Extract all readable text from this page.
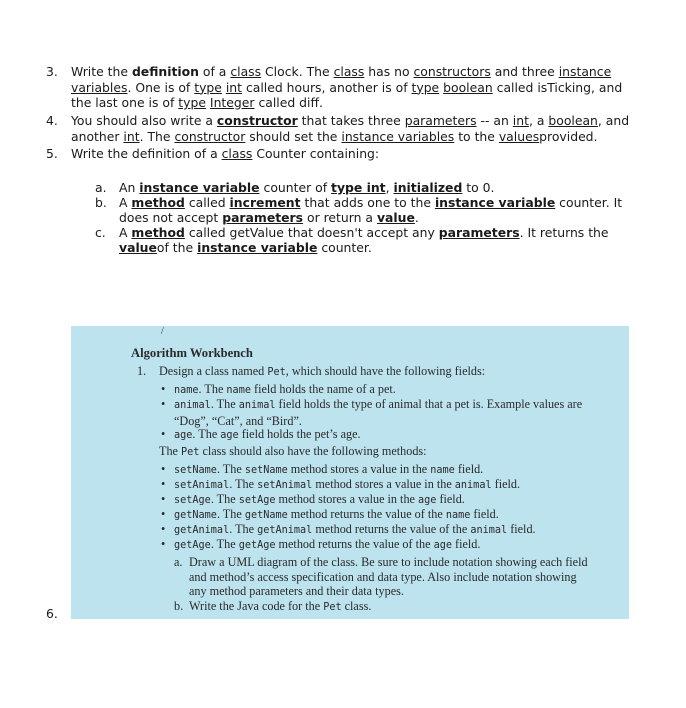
3.	Write the definition of a class Clock. The class has no constructors and three instance variables. One is of type int called hours, another is of type boolean called isTicking, and the last one is of type Integer called diff.
4.	You should also write a constructor that takes three parameters -- an int, a boolean, and another int. The constructor should set the instance variables to the valuesprovided.
5.	Write the definition of a class Counter containing:
a.	An instance variable counter of type int, initialized to 0.
b. A method called increment that adds one to the instance variable counter. It does not accept parameters or return a value.
c.	A method called getValue that doesn't accept any parameters. It returns the valueof the instance variable counter.
/
Algorithm Workbench
1. Design a class named Pet, which should have the following fields:
• name. The name field holds the name of a pet.
• animal. The animal field holds the type of animal that a pet is. Example values are “Dog”, “Cat”, and “Bird”.
• age. The age field holds the pet’s age.
The Pet class should also have the following methods:
• setName. The setName method stores a value in the name field.
• setAnimal. The setAnimal method stores a value in the animal field.
• setAge. The setAge method stores a value in the age field.
• getName. The getName method returns the value of the name field.
• getAnimal. The getAnimal method returns the value of the animal field.
• getAge. The getAge method returns the value of the age field.
a. Draw a UML diagram of the class. Be sure to include notation showing each field and method’s access specification and data type. Also include notation showing any method parameters and their data types.
b. Write the Java code for the Pet class.
6.
